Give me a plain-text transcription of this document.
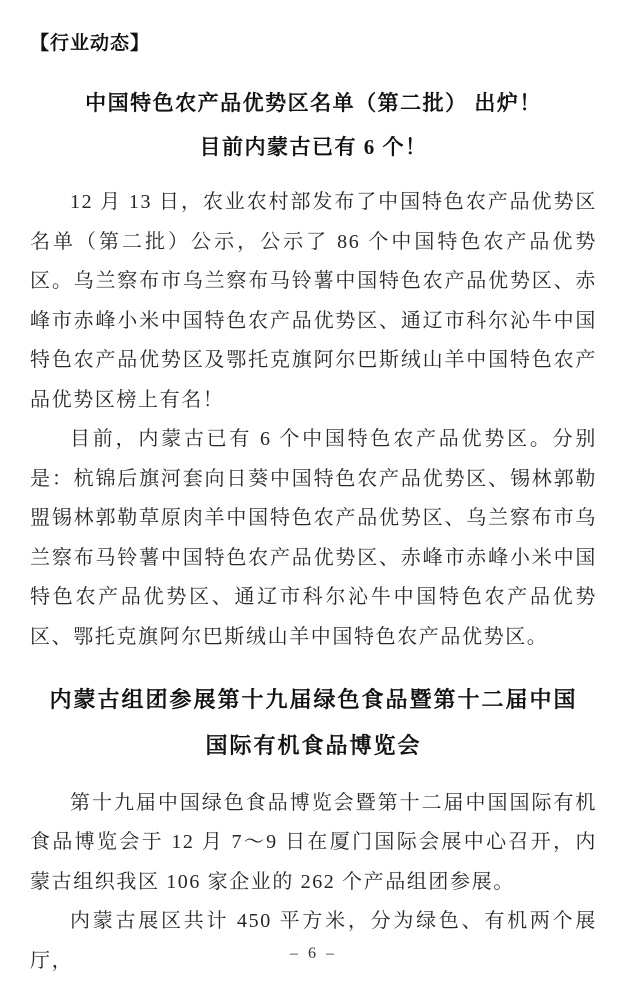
【行业动态】
中国特色农产品优势区名单（第二批） 出炉！
目前内蒙古已有 6 个！

12 月 13 日，农业农村部发布了中国特色农产品优势区名单（第二批）公示，公示了 86 个中国特色农产品优势区。乌兰察布市乌兰察布马铃薯中国特色农产品优势区、赤峰市赤峰小米中国特色农产品优势区、通辽市科尔沁牛中国特色农产品优势区及鄂托克旗阿尔巴斯绒山羊中国特色农产品优势区榜上有名！

目前，内蒙古已有 6 个中国特色农产品优势区。分别是：杭锦后旗河套向日葵中国特色农产品优势区、锡林郭勒盟锡林郭勒草原肉羊中国特色农产品优势区、乌兰察布市乌兰察布马铃薯中国特色农产品优势区、赤峰市赤峰小米中国特色农产品优势区、通辽市科尔沁牛中国特色农产品优势区、鄂托克旗阿尔巴斯绒山羊中国特色农产品优势区。

内蒙古组团参展第十九届绿色食品暨第十二届中国
国际有机食品博览会

第十九届中国绿色食品博览会暨第十二届中国国际有机食品博览会于 12 月 7～9 日在厦门国际会展中心召开，内蒙古组织我区 106 家企业的 262 个产品组团参展。

内蒙古展区共计 450 平方米，分为绿色、有机两个展厅，	– 6 –
